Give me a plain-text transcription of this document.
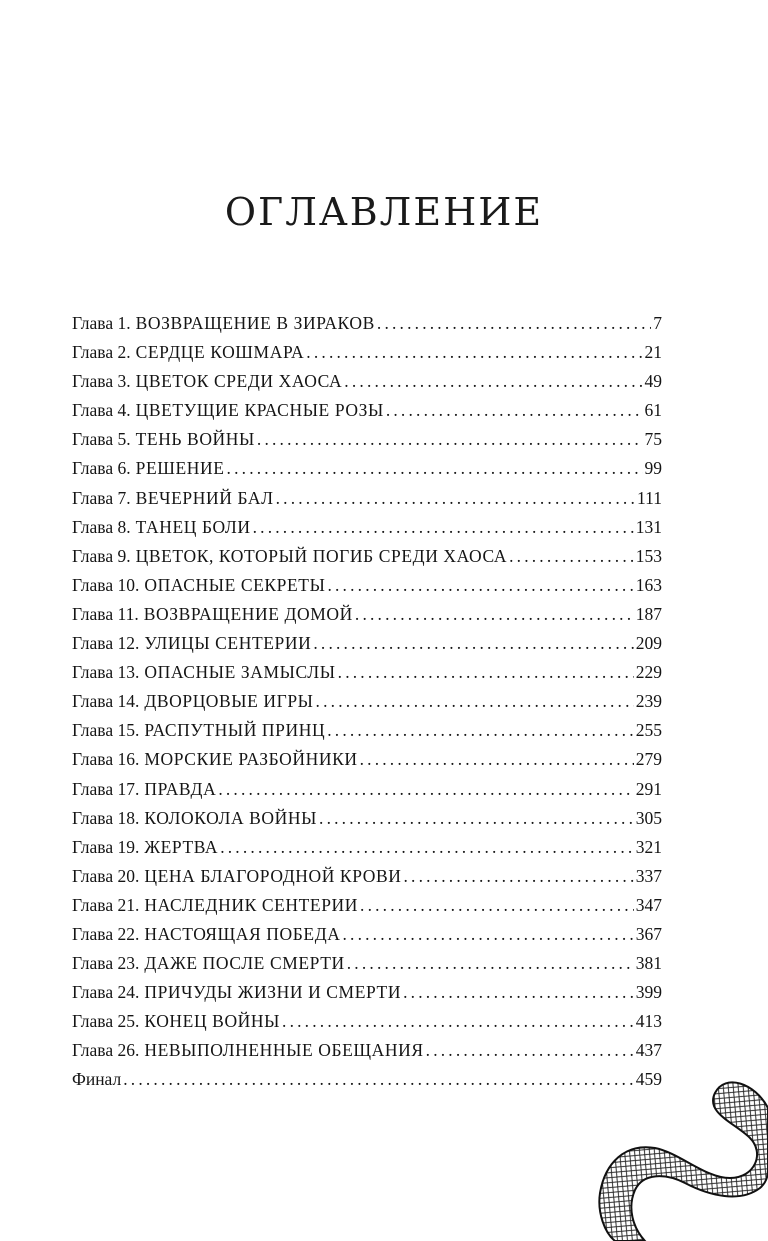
ОГЛАВЛЕНИЕ
Глава 1. ВОЗВРАЩЕНИЕ В ЗИРАКОВ . . .	7
Глава 2. СЕРДЦЕ КОШМАРА . . .	21
Глава 3. ЦВЕТОК СРЕДИ ХАОСА . . .	49
Глава 4. ЦВЕТУЩИЕ КРАСНЫЕ РОЗЫ . . .	61
Глава 5. ТЕНЬ ВОЙНЫ . . .	75
Глава 6. РЕШЕНИЕ . . .	99
Глава 7. ВЕЧЕРНИЙ БАЛ . . .	111
Глава 8. ТАНЕЦ БОЛИ . . .	131
Глава 9. ЦВЕТОК, КОТОРЫЙ ПОГИБ СРЕДИ ХАОСА . . .	153
Глава 10. ОПАСНЫЕ СЕКРЕТЫ . . .	163
Глава 11. ВОЗВРАЩЕНИЕ ДОМОЙ . . .	187
Глава 12. УЛИЦЫ СЕНТЕРИИ . . .	209
Глава 13. ОПАСНЫЕ ЗАМЫСЛЫ . . .	229
Глава 14. ДВОРЦОВЫЕ ИГРЫ . . .	239
Глава 15. РАСПУТНЫЙ ПРИНЦ . . .	255
Глава 16. МОРСКИЕ РАЗБОЙНИКИ . . .	279
Глава 17. ПРАВДА . . .	291
Глава 18. КОЛОКОЛА ВОЙНЫ . . .	305
Глава 19. ЖЕРТВА . . .	321
Глава 20. ЦЕНА БЛАГОРОДНОЙ КРОВИ . . .	337
Глава 21. НАСЛЕДНИК СЕНТЕРИИ . . .	347
Глава 22. НАСТОЯЩАЯ ПОБЕДА . . .	367
Глава 23. ДАЖЕ ПОСЛЕ СМЕРТИ . . .	381
Глава 24. ПРИЧУДЫ ЖИЗНИ И СМЕРТИ . . .	399
Глава 25. КОНЕЦ ВОЙНЫ . . .	413
Глава 26. НЕВЫПОЛНЕННЫЕ ОБЕЩАНИЯ . . .	437
Финал . . .	459
